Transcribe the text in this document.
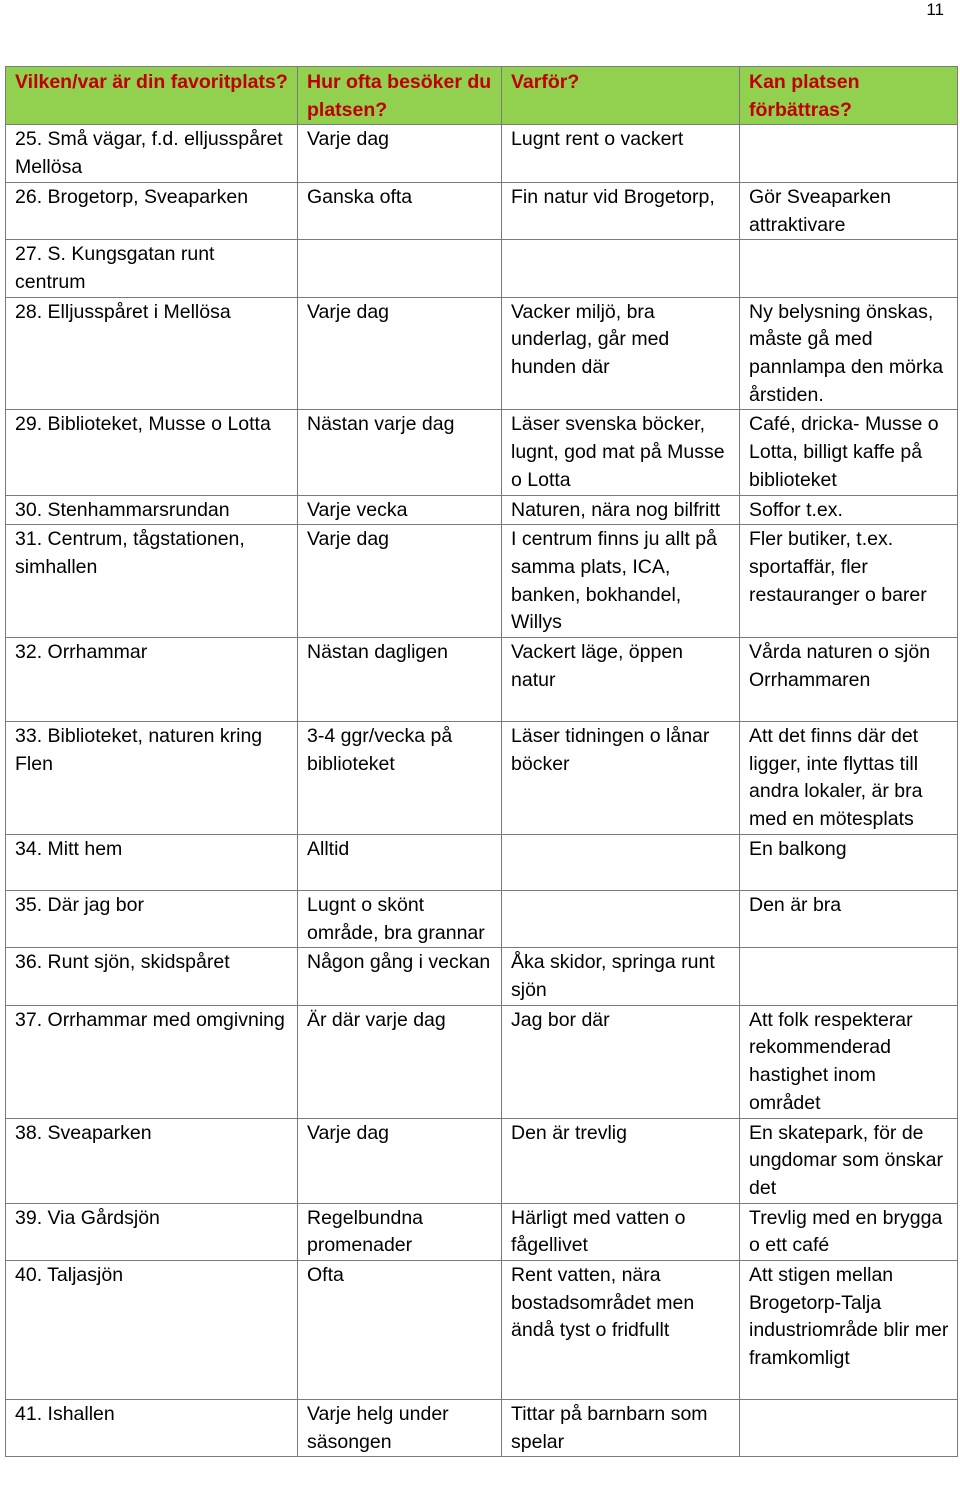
11
Vilken/var är din favoritplats?	Hur ofta besöker du platsen?	Varför?	Kan platsen förbättras?
25. Små vägar, f.d. elljusspåret Mellösa	Varje dag	Lugnt rent o vackert	
26. Brogetorp, Sveaparken	Ganska ofta	Fin natur vid Brogetorp,	Gör Sveaparken attraktivare
27. S. Kungsgatan runt centrum			
28. Elljusspåret i Mellösa	Varje dag	Vacker miljö, bra underlag, går med hunden där	Ny belysning önskas, måste gå med pannlampa den mörka årstiden.
29. Biblioteket, Musse o Lotta	Nästan varje dag	Läser svenska böcker, lugnt, god mat på Musse o Lotta	Café, dricka- Musse o Lotta, billigt kaffe på biblioteket
30. Stenhammarsrundan	Varje vecka	Naturen, nära nog bilfritt	Soffor t.ex.
31. Centrum, tågstationen, simhallen	Varje dag	I centrum finns ju allt på samma plats, ICA, banken, bokhandel, Willys	Fler butiker, t.ex. sportaffär, fler restauranger o barer
32. Orrhammar	Nästan dagligen	Vackert läge, öppen natur	Vårda naturen o sjön Orrhammaren
33. Biblioteket, naturen kring Flen	3-4 ggr/vecka på biblioteket	Läser tidningen o lånar böcker	Att det finns där det ligger, inte flyttas till andra lokaler, är bra med en mötesplats
34. Mitt hem	Alltid		En balkong
35. Där jag bor	Lugnt o skönt område, bra grannar		Den är bra
36. Runt sjön, skidspåret	Någon gång i veckan	Åka skidor, springa runt sjön	
37. Orrhammar med omgivning	Är där varje dag	Jag bor där	Att folk respekterar rekommenderad hastighet inom området
38. Sveaparken	Varje dag	Den är trevlig	En skatepark, för de ungdomar som önskar det
39. Via Gårdsjön	Regelbundna promenader	Härligt med vatten o fågellivet	Trevlig med en brygga o ett café
40. Taljasjön	Ofta	Rent vatten, nära bostadsområdet men ändå tyst o fridfullt	Att stigen mellan Brogetorp-Talja industriområde blir mer framkomligt
41. Ishallen	Varje helg under säsongen	Tittar på barnbarn som spelar	
